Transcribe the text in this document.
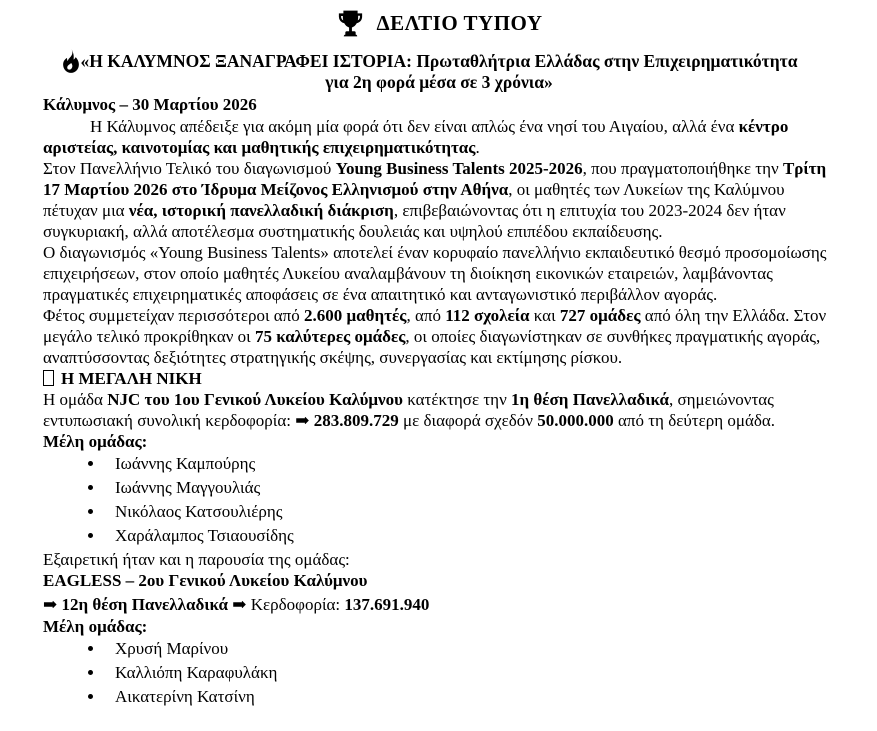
ΔΕΛΤΙΟ ΤΥΠΟΥ
«Η ΚΑΛΥΜΝΟΣ ΞΑΝΑΓΡΑΦΕΙ ΙΣΤΟΡΙΑ: Πρωταθλήτρια Ελλάδας στην Επιχειρηματικότητα
για 2η φορά μέσα σε 3 χρόνια»

Κάλυμνος – 30 Μαρτίου 2026

Η Κάλυμνος απέδειξε για ακόμη μία φορά ότι δεν είναι απλώς ένα νησί του Αιγαίου, αλλά ένα κέντρο αριστείας, καινοτομίας και μαθητικής επιχειρηματικότητας.

Στον Πανελλήνιο Τελικό του διαγωνισμού Young Business Talents 2025-2026, που πραγματοποιήθηκε την Τρίτη 17 Μαρτίου 2026 στο Ίδρυμα Μείζονος Ελληνισμού στην Αθήνα, οι μαθητές των Λυκείων της Καλύμνου πέτυχαν μια νέα, ιστορική πανελλαδική διάκριση, επιβεβαιώνοντας ότι η επιτυχία του 2023-2024 δεν ήταν συγκυριακή, αλλά αποτέλεσμα συστηματικής δουλειάς και υψηλού επιπέδου εκπαίδευσης.

Ο διαγωνισμός «Young Business Talents» αποτελεί έναν κορυφαίο πανελλήνιο εκπαιδευτικό θεσμό προσομοίωσης επιχειρήσεων, στον οποίο μαθητές Λυκείου αναλαμβάνουν τη διοίκηση εικονικών εταιρειών, λαμβάνοντας πραγματικές επιχειρηματικές αποφάσεις σε ένα απαιτητικό και ανταγωνιστικό περιβάλλον αγοράς.

Φέτος συμμετείχαν περισσότεροι από 2.600 μαθητές, από 112 σχολεία και 727 ομάδες από όλη την Ελλάδα. Στον μεγάλο τελικό προκρίθηκαν οι 75 καλύτερες ομάδες, οι οποίες διαγωνίστηκαν σε συνθήκες πραγματικής αγοράς, αναπτύσσοντας δεξιότητες στρατηγικής σκέψης, συνεργασίας και εκτίμησης ρίσκου.

Η ΜΕΓΑΛΗ ΝΙΚΗ

Η ομάδα NJC του 1ου Γενικού Λυκείου Καλύμνου κατέκτησε την 1η θέση Πανελλαδικά, σημειώνοντας εντυπωσιακή συνολική κερδοφορία: ➡ 283.809.729 με διαφορά σχεδόν 50.000.000 από τη δεύτερη ομάδα.

Μέλη ομάδας:

• Ιωάννης Καμπούρης
• Ιωάννης Μαγγουλιάς
• Νικόλαος Κατσουλιέρης
• Χαράλαμπος Τσιαουσίδης

Εξαιρετική ήταν και η παρουσία της ομάδας:

EAGLESS – 2ου Γενικού Λυκείου Καλύμνου

➡ 12η θέση Πανελλαδικά ➡ Κερδοφορία: 137.691.940

Μέλη ομάδας:

• Χρυσή Μαρίνου
• Καλλιόπη Καραφυλάκη
• Αικατερίνη Κατσίνη
